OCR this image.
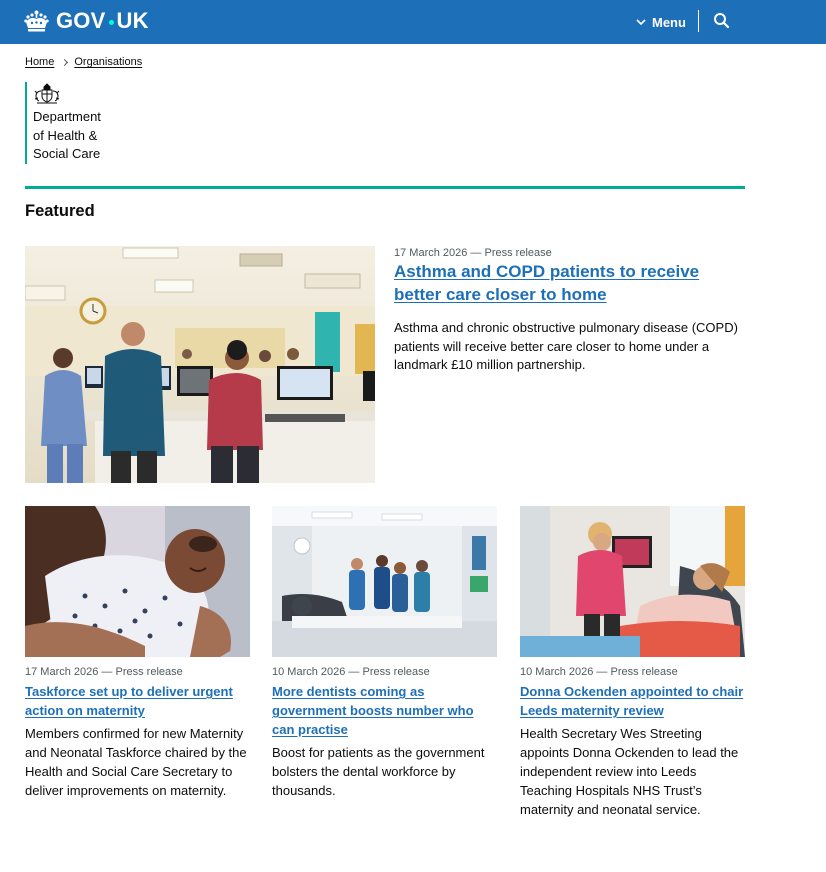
GOV UK	Menu
Home Organisations
Department
of Health &
Social Care
Featured
17 March 2026 — Press release
Asthma and COPD patients to receive better care closer to home

Asthma and chronic obstructive pulmonary disease (COPD) patients will receive better care closer to home under a landmark £10 million partnership.

17 March 2026 — Press release
Taskforce set up to deliver urgent action on maternity

Members confirmed for new Maternity and Neonatal Taskforce chaired by the Health and Social Care Secretary to deliver improvements on maternity.

10 March 2026 — Press release
More dentists coming as government boosts number who can practise

Boost for patients as the government bolsters the dental workforce by thousands.

10 March 2026 — Press release
Donna Ockenden appointed to chair Leeds maternity review

Health Secretary Wes Streeting appoints Donna Ockenden to lead the independent review into Leeds Teaching Hospitals NHS Trust’s maternity and neonatal service.
